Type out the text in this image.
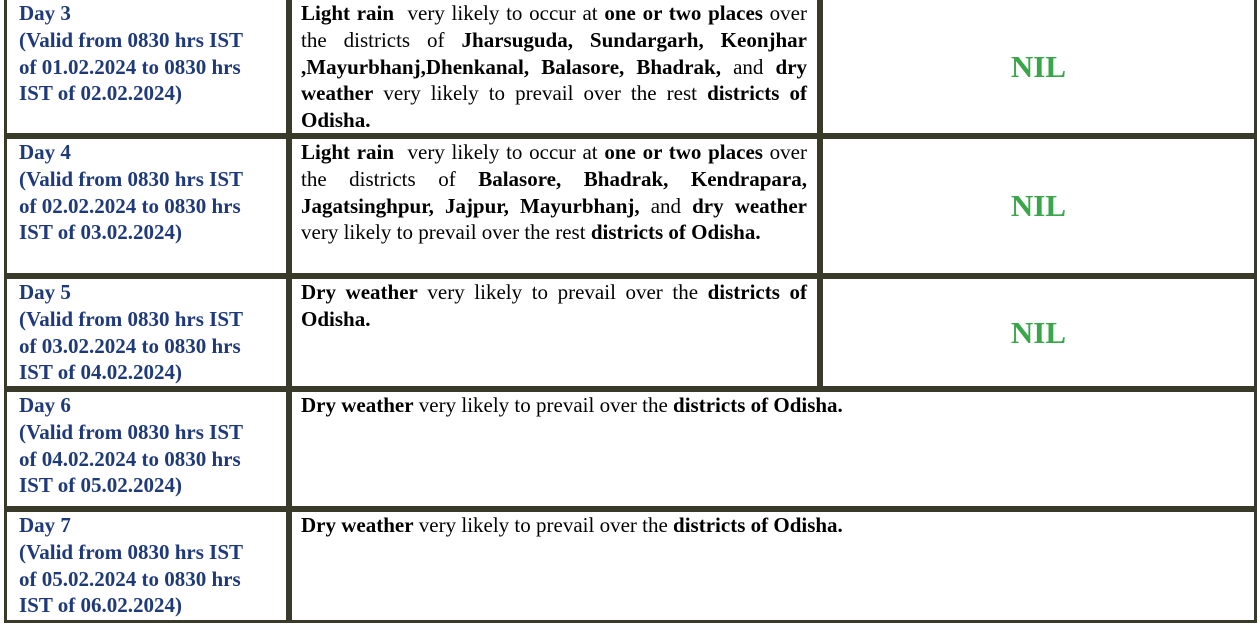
Day 3
(Valid from 0830 hrs IST
of 01.02.2024 to 0830 hrs
IST of 02.02.2024)
Light rain  very likely to occur at one or two places over the districts of Jharsuguda, Sundargarh, Keonjhar ,Mayurbhanj,Dhenkanal, Balasore, Bhadrak, and dry weather very likely to prevail over the rest districts of Odisha.
NIL
Day 4
(Valid from 0830 hrs IST
of 02.02.2024 to 0830 hrs
IST of 03.02.2024)
Light rain  very likely to occur at one or two places over the districts of Balasore, Bhadrak, Kendrapara, Jagatsinghpur, Jajpur, Mayurbhanj, and dry weather very likely to prevail over the rest districts of Odisha.
NIL
Day 5
(Valid from 0830 hrs IST
of 03.02.2024 to 0830 hrs
IST of 04.02.2024)
Dry weather very likely to prevail over the districts of Odisha.	NIL
Day 6
(Valid from 0830 hrs IST
of 04.02.2024 to 0830 hrs
IST of 05.02.2024)
Dry weather very likely to prevail over the districts of Odisha.
Day 7
(Valid from 0830 hrs IST
of 05.02.2024 to 0830 hrs
IST of 06.02.2024)
Dry weather very likely to prevail over the districts of Odisha.
